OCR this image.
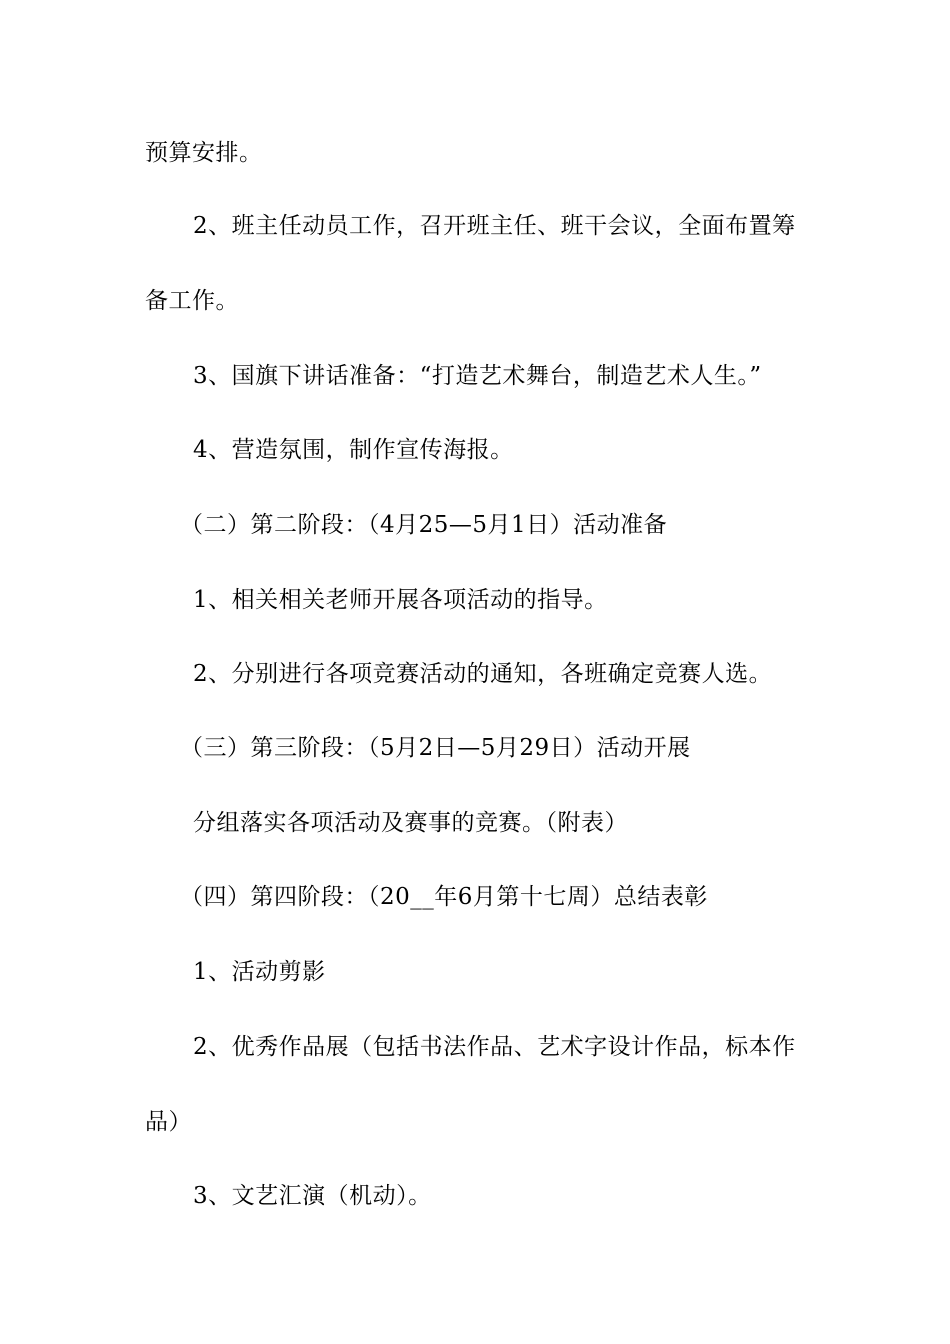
预算安排。
2、班主任动员工作，召开班主任、班干会议，全面布置筹
备工作。
3、国旗下讲话准备：“打造艺术舞台，制造艺术人生。”
4、营造氛围，制作宣传海报。
（二）第二阶段：（4月25—5月1日）活动准备
1、相关相关老师开展各项活动的指导。
2、分别进行各项竞赛活动的通知，各班确定竞赛人选。
（三）第三阶段：（5月2日—5月29日）活动开展
分组落实各项活动及赛事的竞赛。（附表）
（四）第四阶段：（20__年6月第十七周）总结表彰
1、活动剪影
2、优秀作品展（包括书法作品、艺术字设计作品，标本作
品）
3、文艺汇演（机动）。
